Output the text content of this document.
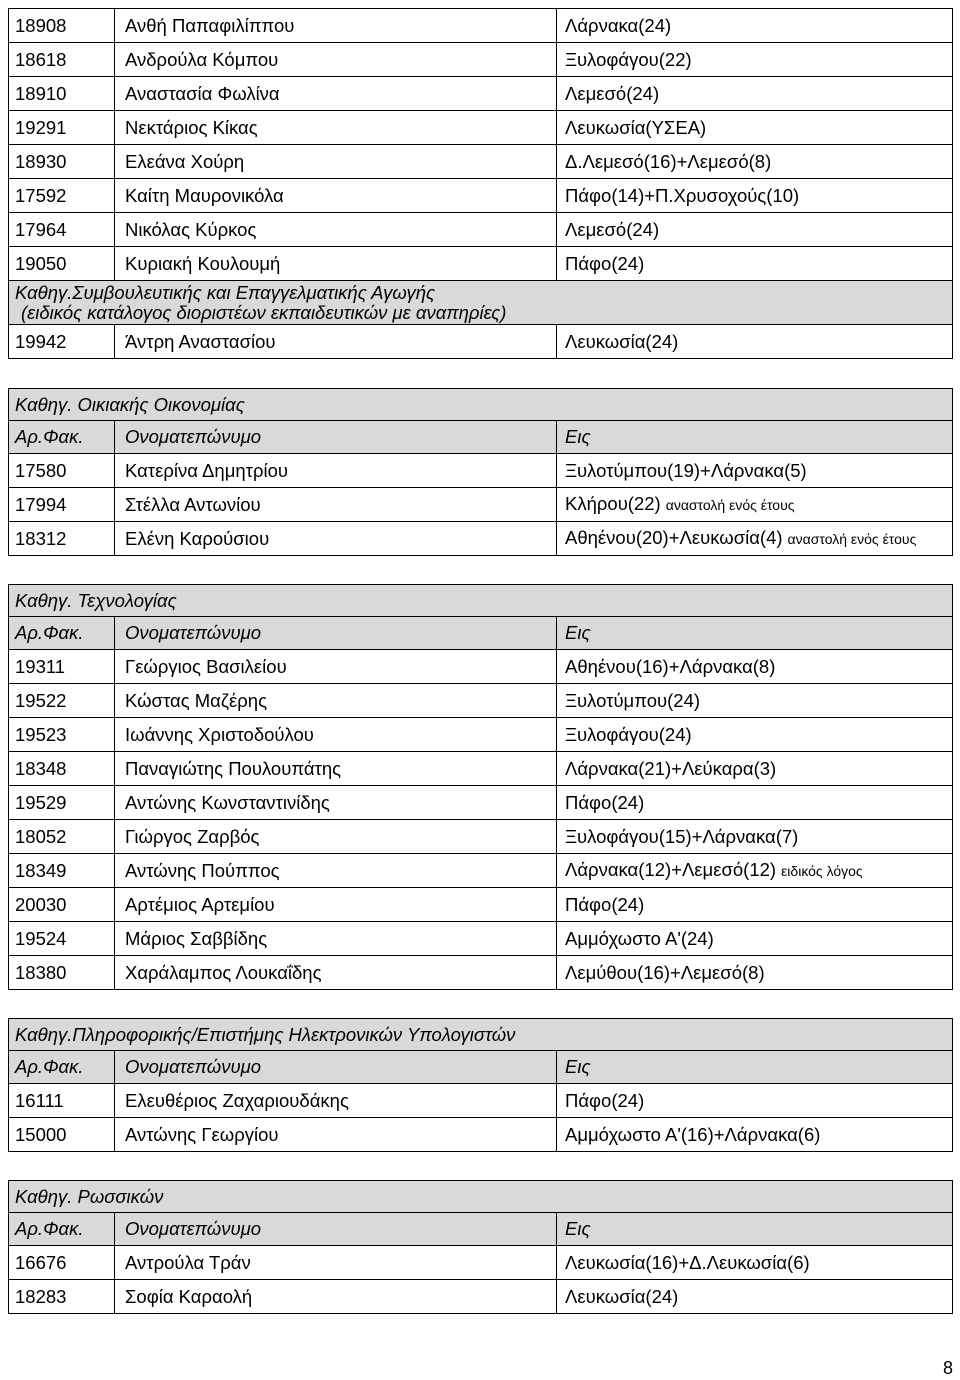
18908	Ανθή Παπαφιλίππου	Λάρνακα(24)
18618	Ανδρούλα Κόμπου	Ξυλοφάγου(22)
18910	Αναστασία Φωλίνα	Λεμεσό(24)
19291	Νεκτάριος Κίκας	Λευκωσία(ΥΣΕΑ)
18930	Ελεάνα Χούρη	Δ.Λεμεσό(16)+Λεμεσό(8)
17592	Καίτη Μαυρονικόλα	Πάφο(14)+Π.Χρυσοχούς(10)
17964	Νικόλας Κύρκος	Λεμεσό(24)
19050	Κυριακή Κουλουμή	Πάφο(24)

Καθηγ.Συμβουλευτικής και Επαγγελματικής Αγωγής
(ειδικός κατάλογος διοριστέων εκπαιδευτικών με αναπηρίες)		

19942	Άντρη Αναστασίου	Λευκωσία(24)
Καθηγ. Οικιακής Οικονομίας		
Αρ.Φακ.	Ονοματεπώνυμο	Εις
17580	Κατερίνα Δημητρίου	Ξυλοτύμπου(19)+Λάρνακα(5)
17994	Στέλλα Αντωνίου	Κλήρου(22) αναστολή ενός έτους
18312	Ελένη Καρούσιου	Αθηένου(20)+Λευκωσία(4) αναστολή ενός έτους
Καθηγ. Τεχνολογίας		
Αρ.Φακ.	Ονοματεπώνυμο	Εις
19311	Γεώργιος Βασιλείου	Αθηένου(16)+Λάρνακα(8)
19522	Κώστας Μαζέρης	Ξυλοτύμπου(24)
19523	Ιωάννης Χριστοδούλου	Ξυλοφάγου(24)
18348	Παναγιώτης Πουλουπάτης	Λάρνακα(21)+Λεύκαρα(3)
19529	Αντώνης Κωνσταντινίδης	Πάφο(24)
18052	Γιώργος Ζαρβός	Ξυλοφάγου(15)+Λάρνακα(7)
18349	Αντώνης Πούππος	Λάρνακα(12)+Λεμεσό(12) ειδικός λόγος
20030	Αρτέμιος Αρτεμίου	Πάφο(24)
19524	Μάριος Σαββίδης	Αμμόχωστο Α'(24)
18380	Χαράλαμπος Λουκαΐδης	Λεμύθου(16)+Λεμεσό(8)
Καθηγ.Πληροφορικής/Επιστήμης Ηλεκτρονικών Υπολογιστών		
Αρ.Φακ.	Ονοματεπώνυμο	Εις
16111	Ελευθέριος Ζαχαριουδάκης	Πάφο(24)
15000	Αντώνης Γεωργίου	Αμμόχωστο Α'(16)+Λάρνακα(6)
Καθηγ. Ρωσσικών		
Αρ.Φακ.	Ονοματεπώνυμο	Εις
16676	Αντρούλα Τράν	Λευκωσία(16)+Δ.Λευκωσία(6)
18283	Σοφία Καραολή	Λευκωσία(24)
8
